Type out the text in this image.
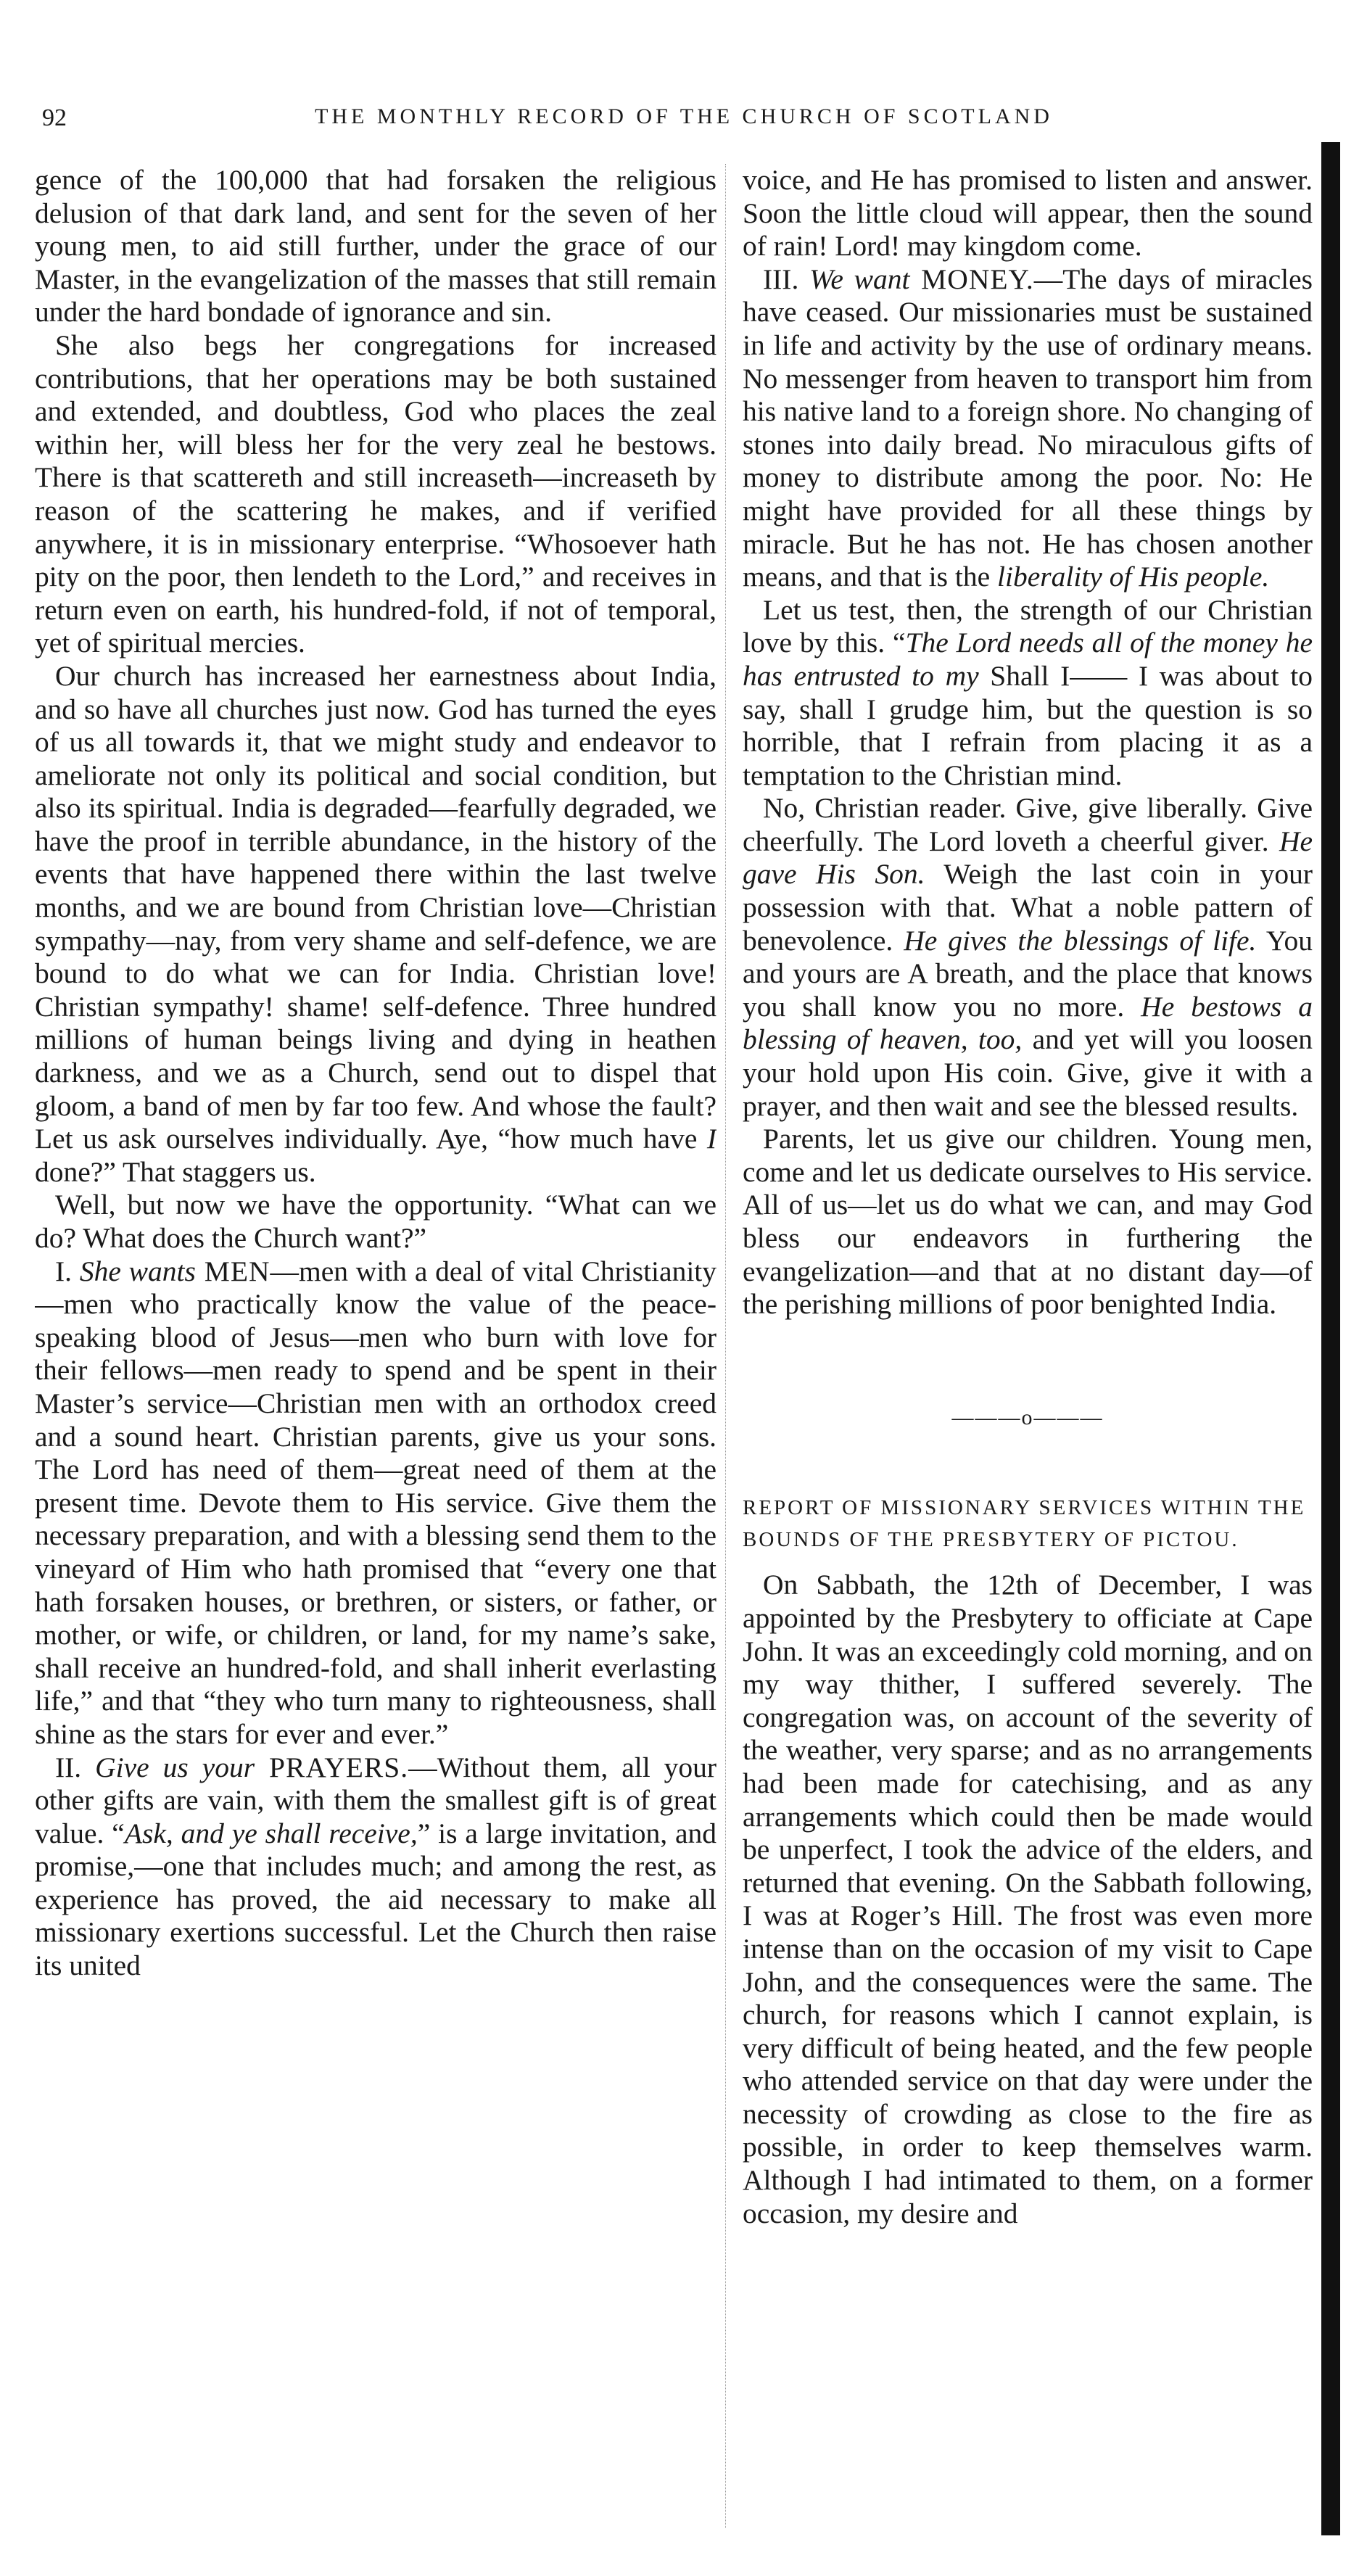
92	THE MONTHLY RECORD OF THE CHURCH OF SCOTLAND

gence of the 100,000 that had forsaken the religious delusion of that dark land, and sent for the seven of her young men, to aid still further, under the grace of our Master, in the evangelization of the masses that still remain under the hard bondade of ignorance and sin.

She also begs her congregations for increased contributions, that her operations may be both sustained and extended, and doubtless, God who places the zeal within her, will bless her for the very zeal he bestows. There is that scattereth and still increaseth—increaseth by reason of the scattering he makes, and if verified anywhere, it is in missionary enterprise. “Whosoever hath pity on the poor, then lendeth to the Lord,” and receives in return even on earth, his hundred-fold, if not of temporal, yet of spiritual mercies.

Our church has increased her earnestness about India, and so have all churches just now. God has turned the eyes of us all towards it, that we might study and endeavor to ameliorate not only its political and social condition, but also its spiritual. India is degraded—fearfully degraded, we have the proof in terrible abundance, in the history of the events that have happened there within the last twelve months, and we are bound from Christian love—Christian sympathy—nay, from very shame and self-defence, we are bound to do what we can for India. Christian love! Christian sympathy! shame! self-defence. Three hundred millions of human beings living and dying in heathen darkness, and we as a Church, send out to dispel that gloom, a band of men by far too few. And whose the fault? Let us ask ourselves individually. Aye, “how much have I done?” That staggers us.

Well, but now we have the opportunity. “What can we do? What does the Church want?”

I. She wants MEN—men with a deal of vital Christianity—men who practically know the value of the peace-speaking blood of Jesus—men who burn with love for their fellows—men ready to spend and be spent in their Master’s service—Christian men with an orthodox creed and a sound heart. Christian parents, give us your sons. The Lord has need of them—great need of them at the present time. Devote them to His service. Give them the necessary preparation, and with a blessing send them to the vineyard of Him who hath promised that “every one that hath forsaken houses, or brethren, or sisters, or father, or mother, or wife, or children, or land, for my name’s sake, shall receive an hundred-fold, and shall inherit everlasting life,” and that “they who turn many to righteousness, shall shine as the stars for ever and ever.”

II. Give us your PRAYERS.—Without them, all your other gifts are vain, with them the smallest gift is of great value. “Ask, and ye shall receive,” is a large invitation, and promise,—one that includes much; and among the rest, as experience has proved, the aid necessary to make all missionary exertions successful. Let the Church then raise its united

voice, and He has promised to listen and answer. Soon the little cloud will appear, then the sound of rain! Lord! may kingdom come.

III. We want MONEY.—The days of miracles have ceased. Our missionaries must be sustained in life and activity by the use of ordinary means. No messenger from heaven to transport him from his native land to a foreign shore. No changing of stones into daily bread. No miraculous gifts of money to distribute among the poor. No: He might have provided for all these things by miracle. But he has not. He has chosen another means, and that is the liberality of His people.

Let us test, then, the strength of our Christian love by this. “The Lord needs all of the money he has entrusted to my Shall I—— I was about to say, shall I grudge him, but the question is so horrible, that I refrain from placing it as a temptation to the Christian mind.

No, Christian reader. Give, give liberally. Give cheerfully. The Lord loveth a cheerful giver. He gave His Son. Weigh the last coin in your possession with that. What a noble pattern of benevolence. He gives the blessings of life. You and yours are A breath, and the place that knows you shall know you no more. He bestows a blessing of heaven, too, and yet will you loosen your hold upon His coin. Give, give it with a prayer, and then wait and see the blessed results.

Parents, let us give our children. Young men, come and let us dedicate ourselves to His service. All of us—let us do what we can, and may God bless our endeavors in furthering the evangelization—and that at no distant day—of the perishing millions of poor benighted India.

———o———
REPORT OF MISSIONARY SERVICES WITHIN THE BOUNDS OF THE PRESBYTERY OF PICTOU.

On Sabbath, the 12th of December, I was appointed by the Presbytery to officiate at Cape John. It was an exceedingly cold morning, and on my way thither, I suffered severely. The congregation was, on account of the severity of the weather, very sparse; and as no arrangements had been made for catechising, and as any arrangements which could then be made would be unperfect, I took the advice of the elders, and returned that evening. On the Sabbath following, I was at Roger’s Hill. The frost was even more intense than on the occasion of my visit to Cape John, and the consequences were the same. The church, for reasons which I cannot explain, is very difficult of being heated, and the few people who attended service on that day were under the necessity of crowding as close to the fire as possible, in order to keep themselves warm. Although I had intimated to them, on a former occasion, my desire and
